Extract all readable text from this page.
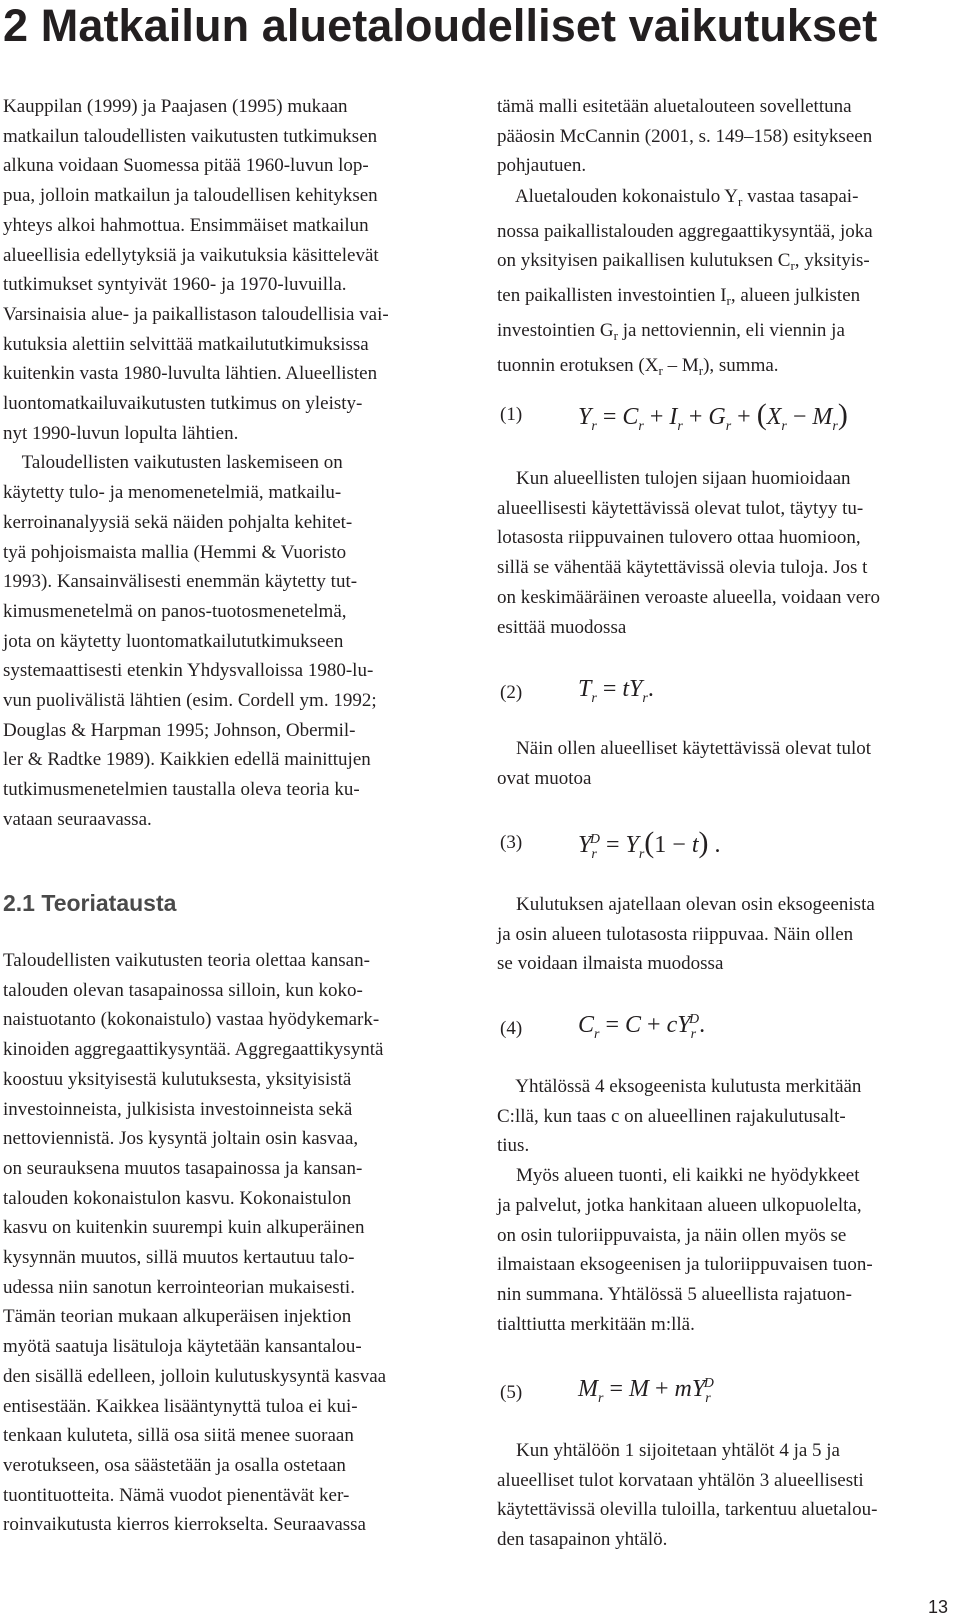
2 Matkailun aluetaloudelliset vaikutukset
Kauppilan (1999) ja Paajasen (1995) mukaan
matkailun taloudellisten vaikutusten tutkimuksen
alkuna voidaan Suomessa pitää 1960-luvun lop-
pua, jolloin matkailun ja taloudellisen kehityksen
yhteys alkoi hahmottua. Ensimmäiset matkailun
alueellisia edellytyksiä ja vaikutuksia käsittelevät
tutkimukset syntyivät 1960- ja 1970-luvuilla.
Varsinaisia alue- ja paikallistason taloudellisia vai-
kutuksia alettiin selvittää matkailututkimuksissa
kuitenkin vasta 1980-luvulta lähtien. Alueellisten
luontomatkailuvaikutusten tutkimus on yleisty-
nyt 1990-luvun lopulta lähtien.
Taloudellisten vaikutusten laskemiseen on
käytetty tulo- ja menomenetelmiä, matkailu-
kerroinanalyysiä sekä näiden pohjalta kehitet-
tyä pohjoismaista mallia (Hemmi & Vuoristo
1993). Kansainvälisesti enemmän käytetty tut-
kimusmenetelmä on panos-tuotosmenetelmä,
jota on käytetty luontomatkailututkimukseen
systemaattisesti etenkin Yhdysvalloissa 1980-lu-
vun puolivälistä lähtien (esim. Cordell ym. 1992;
Douglas & Harpman 1995; Johnson, Obermil-
ler & Radtke 1989). Kaikkien edellä mainittujen
tutkimusmenetelmien taustalla oleva teoria ku-
vataan seuraavassa.
2.1 Teoriatausta
Taloudellisten vaikutusten teoria olettaa kansan-
talouden olevan tasapainossa silloin, kun koko-
naistuotanto (kokonaistulo) vastaa hyödykemark-
kinoiden aggregaattikysyntää. Aggregaattikysyntä
koostuu yksityisestä kulutuksesta, yksityisistä
investoinneista, julkisista investoinneista sekä
nettoviennistä. Jos kysyntä joltain osin kasvaa,
on seurauksena muutos tasapainossa ja kansan-
talouden kokonaistulon kasvu. Kokonaistulon
kasvu on kuitenkin suurempi kuin alkuperäinen
kysynnän muutos, sillä muutos kertautuu talo-
udessa niin sanotun kerrointeorian mukaisesti.
Tämän teorian mukaan alkuperäisen injektion
myötä saatuja lisätuloja käytetään kansantalou-
den sisällä edelleen, jolloin kulutuskysyntä kasvaa
entisestään. Kaikkea lisääntynyttä tuloa ei kui-
tenkaan kuluteta, sillä osa siitä menee suoraan
verotukseen, osa säästetään ja osalla ostetaan
tuontituotteita. Nämä vuodot pienentävät ker-
roinvaikutusta kierros kierrokselta. Seuraavassa
tämä malli esitetään aluetalouteen sovellettuna
pääosin McCannin (2001, s. 149–158) esitykseen
pohjautuen.
Aluetalouden kokonaistulo $Y_r$ vastaa tasapai-
nossa paikallistalouden aggregaattikysyntää, joka
on yksityisen paikallisen kulutuksen $C_r$, yksityis-
ten paikallisten investointien $I_r$, alueen julkisten
investointien $G_r$ ja nettoviennin, eli viennin ja
tuonnin erotuksen $(X_r - M_r)$, summa.
(1) $Y_r = C_r + I_r + G_r + (X_r - M_r)$
Kun alueellisten tulojen sijaan huomioidaan
alueellisesti käytettävissä olevat tulot, täytyy tu-
lotasosta riippuvainen tulovero ottaa huomioon,
sillä se vähentää käytettävissä olevia tuloja. Jos t
on keskimääräinen veroaste alueella, voidaan vero
esittää muodossa
(2) $T_r = tY_r$.
Näin ollen alueelliset käytettävissä olevat tulot
ovat muotoa
(3) $Y_r^D = Y_r(1 - t)$ .
Kulutuksen ajatellaan olevan osin eksogeenista
ja osin alueen tulotasosta riippuvaa. Näin ollen
se voidaan ilmaista muodossa
(4) $C_r = C + cY_r^D$.
Yhtälössä 4 eksogeenista kulutusta merkitään
C:llä, kun taas c on alueellinen rajakulutusalt-
tius.
Myös alueen tuonti, eli kaikki ne hyödykkeet
ja palvelut, jotka hankitaan alueen ulkopuolelta,
on osin tuloriippuvaista, ja näin ollen myös se
ilmaistaan eksogeenisen ja tuloriippuvaisen tuon-
nin summana. Yhtälössä 5 alueellista rajatuon-
tialttiutta merkitään m:llä.
(5) $M_r = M + mY_r^D$
Kun yhtälöön 1 sijoitetaan yhtälöt 4 ja 5 ja
alueelliset tulot korvataan yhtälön 3 alueellisesti
käytettävissä olevilla tuloilla, tarkentuu aluetalou-
den tasapainon yhtälö.
13
